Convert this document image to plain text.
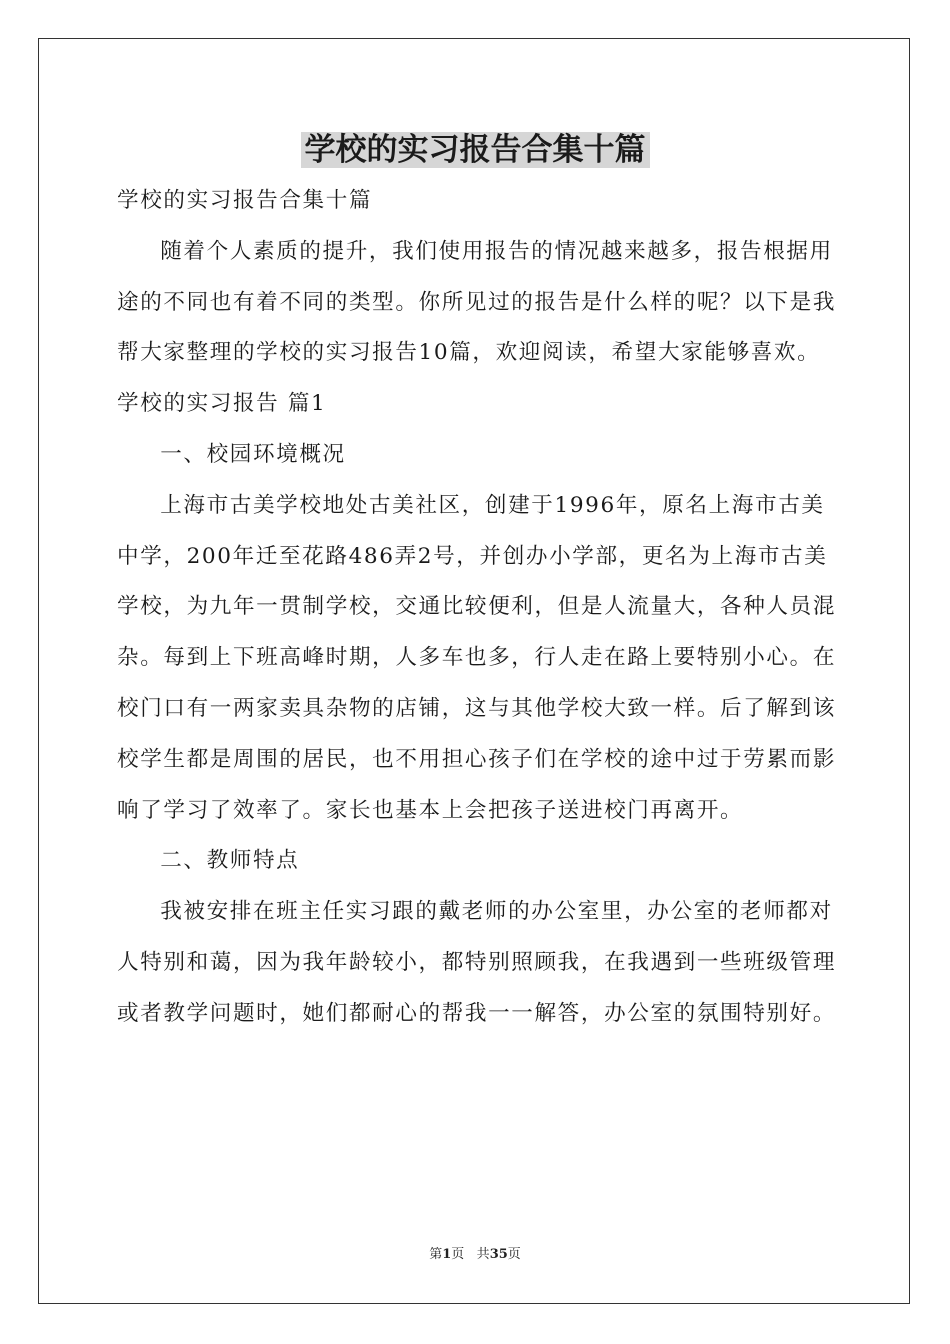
学校的实习报告合集十篇

学校的实习报告合集十篇

随着个人素质的提升，我们使用报告的情况越来越多，报告根据用途的不同也有着不同的类型。你所见过的报告是什么样的呢？以下是我帮大家整理的学校的实习报告10篇，欢迎阅读，希望大家能够喜欢。

学校的实习报告 篇1

一、校园环境概况

上海市古美学校地处古美社区，创建于1996年，原名上海市古美中学，200年迁至花路486弄2号，并创办小学部，更名为上海市古美学校，为九年一贯制学校，交通比较便利，但是人流量大，各种人员混杂。每到上下班高峰时期，人多车也多，行人走在路上要特别小心。在校门口有一两家卖具杂物的店铺，这与其他学校大致一样。后了解到该校学生都是周围的居民，也不用担心孩子们在学校的途中过于劳累而影响了学习了效率了。家长也基本上会把孩子送进校门再离开。

二、教师特点

我被安排在班主任实习跟的戴老师的办公室里，办公室的老师都对人特别和蔼，因为我年龄较小，都特别照顾我，在我遇到一些班级管理或者教学问题时，她们都耐心的帮我一一解答，办公室的氛围特别好。

第1页 共35页
